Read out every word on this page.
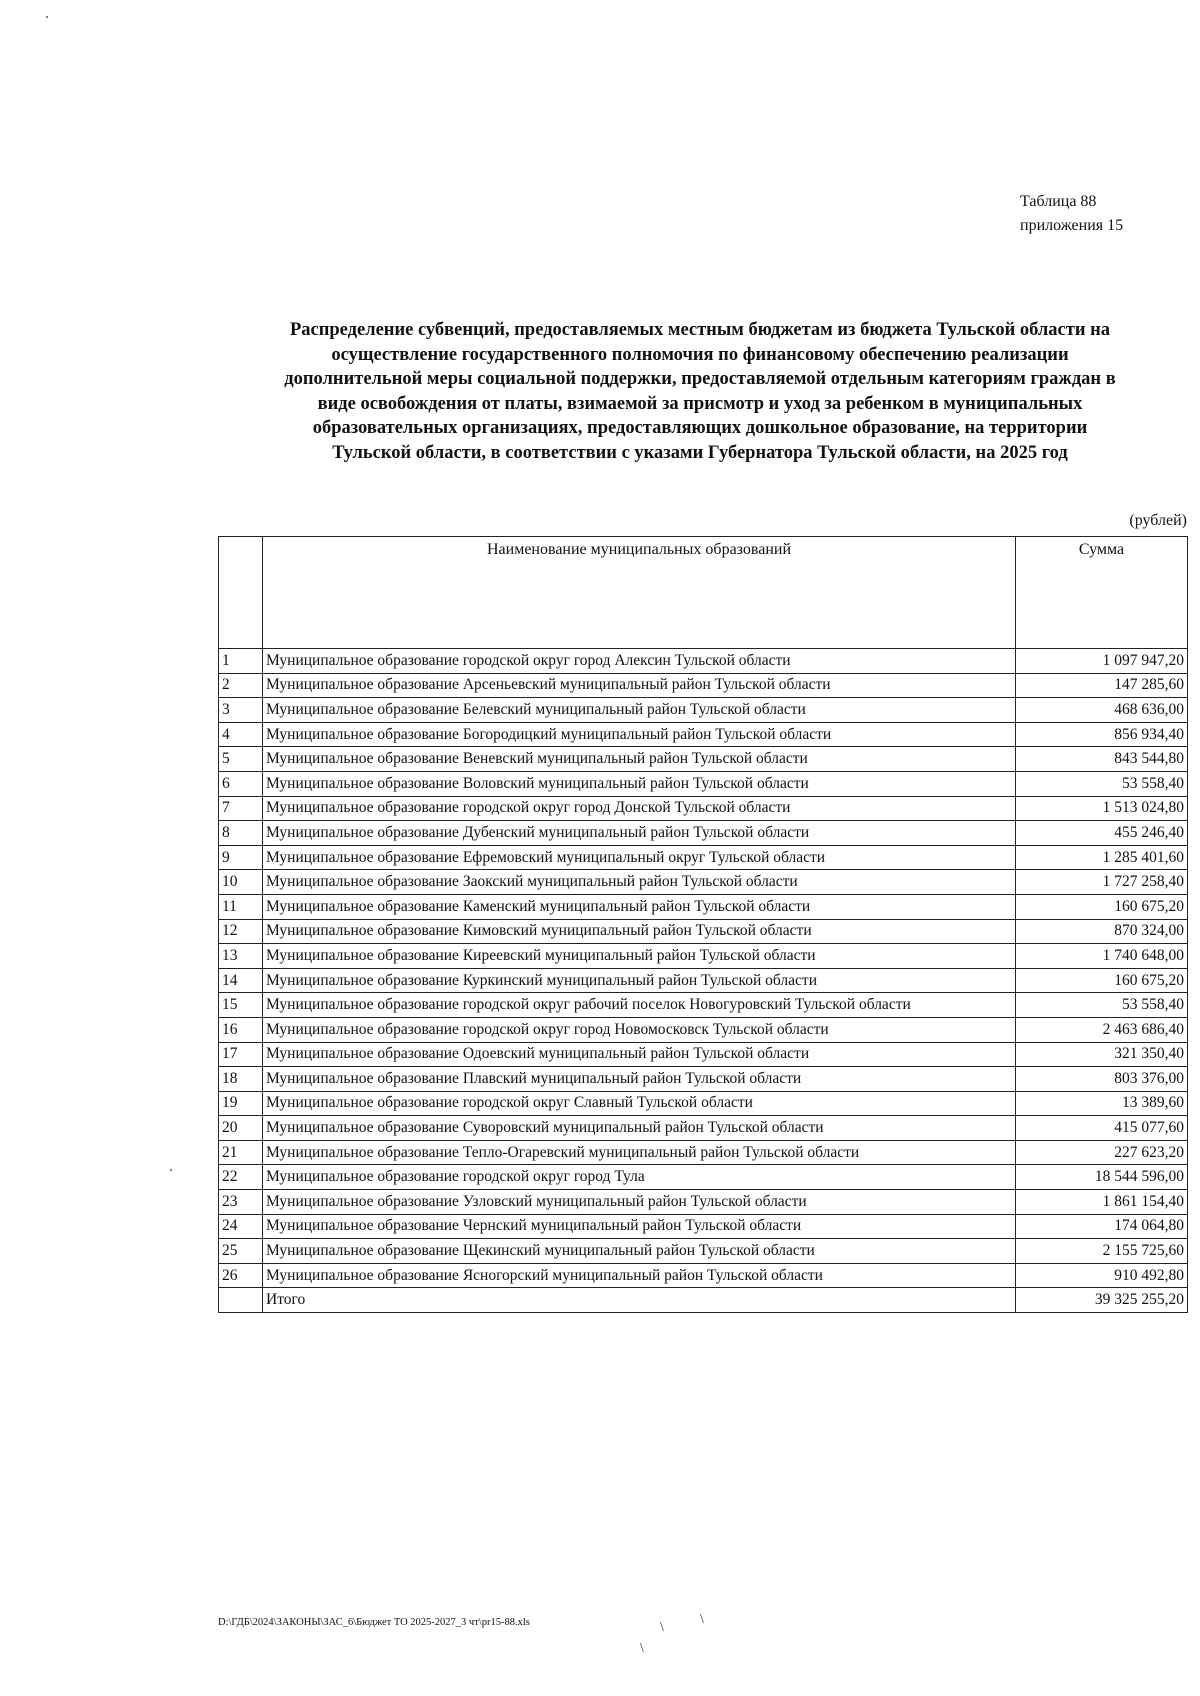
Таблица 88
приложения 15
Распределение субвенций, предоставляемых местным бюджетам из бюджета Тульской области на
осуществление государственного полномочия по финансовому обеспечению реализации
дополнительной меры социальной поддержки, предоставляемой отдельным категориям граждан в
виде освобождения от платы, взимаемой за присмотр и уход за ребенком в муниципальных
образовательных организациях, предоставляющих дошкольное образование, на территории
Тульской области, в соответствии с указами Губернатора Тульской области, на 2025 год
(рублей)
	Наименование муниципальных образований	Сумма
1	Муниципальное образование городской округ город Алексин Тульской области	1 097 947,20
2	Муниципальное образование Арсеньевский муниципальный район Тульской области	147 285,60
3	Муниципальное образование Белевский муниципальный район Тульской области	468 636,00
4	Муниципальное образование Богородицкий муниципальный район Тульской области	856 934,40
5	Муниципальное образование Веневский муниципальный район Тульской области	843 544,80
6	Муниципальное образование Воловский муниципальный район Тульской области	53 558,40
7	Муниципальное образование городской округ город Донской Тульской области	1 513 024,80
8	Муниципальное образование Дубенский муниципальный район Тульской области	455 246,40
9	Муниципальное образование Ефремовский муниципальный округ Тульской области	1 285 401,60
10	Муниципальное образование Заокский муниципальный район Тульской области	1 727 258,40
11	Муниципальное образование Каменский муниципальный район Тульской области	160 675,20
12	Муниципальное образование Кимовский муниципальный район Тульской области	870 324,00
13	Муниципальное образование Киреевский муниципальный район Тульской области	1 740 648,00
14	Муниципальное образование Куркинский муниципальный район Тульской области	160 675,20
15	Муниципальное образование городской округ рабочий поселок Новогуровский Тульской области	53 558,40
16	Муниципальное образование городской округ город Новомосковск Тульской области	2 463 686,40
17	Муниципальное образование Одоевский муниципальный район Тульской области	321 350,40
18	Муниципальное образование Плавский муниципальный район Тульской области	803 376,00
19	Муниципальное образование городской округ Славный Тульской области	13 389,60
20	Муниципальное образование Суворовский муниципальный район Тульской области	415 077,60
21	Муниципальное образование Тепло-Огаревский муниципальный район Тульской области	227 623,20
22	Муниципальное образование городской округ город Тула	18 544 596,00
23	Муниципальное образование Узловский муниципальный район Тульской области	1 861 154,40
24	Муниципальное образование Чернский муниципальный район Тульской области	174 064,80
25	Муниципальное образование Щекинский муниципальный район Тульской области	2 155 725,60
26	Муниципальное образование Ясногорский муниципальный район Тульской области	910 492,80
	Итого	39 325 255,20
D:\ГДБ\2024\ЗАКОНЫ\ЗАС_6\Бюджет ТО 2025-2027_3 чт\pr15-88.xls	\
\
\
